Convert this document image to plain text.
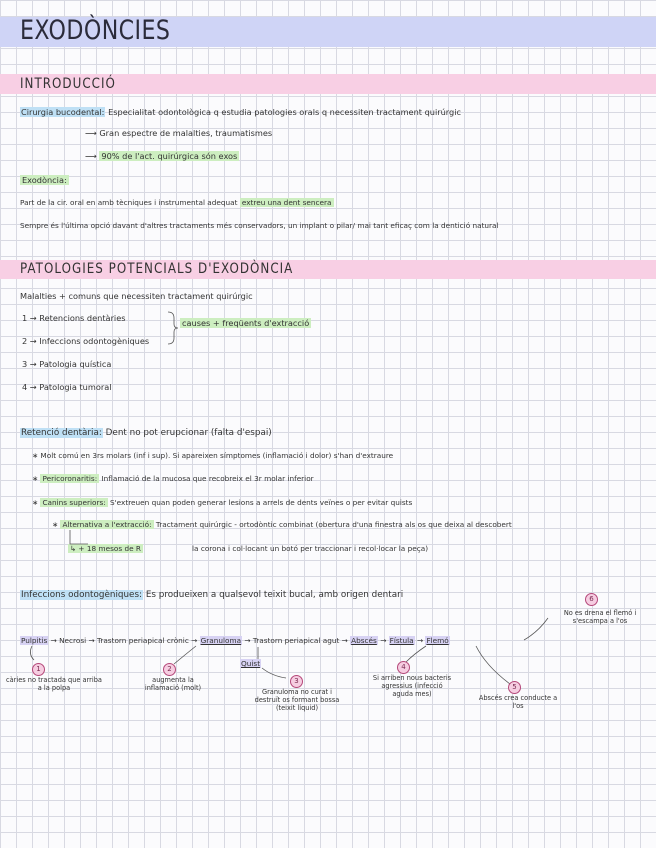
EXODÒNCIES
INTRODUCCIÓ
Cirurgia bucodental: Especialitat odontològica q estudia patologies orals q necessiten tractament quirúrgic
⟶ Gran espectre de malalties, traumatismes
⟶ 90% de l'act. quirúrgica són exos
Exodòncia:
Part de la cir. oral en amb tècniques i instrumental adequat extreu una dent sencera
Sempre és l'última opció davant d'altres tractaments més conservadors, un implant o pilar/ mai tant eficaç com la dentició natural
PATOLOGIES POTENCIALS D'EXODÒNCIA
Malalties + comuns que necessiten tractament quirúrgic
1 → Retencions dentàries
2 → Infeccions odontogèniques
3 → Patologia quística
4 → Patologia tumoral
causes + freqüents d'extracció
Retenció dentària: Dent no pot erupcionar (falta d'espai)
∗ Molt comú en 3rs molars (inf i sup). Si apareixen símptomes (inflamació i dolor) s'han d'extraure
∗ Pericoronaritis: Inflamació de la mucosa que recobreix el 3r molar inferior
∗ Canins superiors: S'extreuen quan poden generar lesions a arrels de dents veïnes o per evitar quists
∗ Alternativa a l'extracció: Tractament quirúrgic - ortodòntic combinat (obertura d'una finestra als os que deixa al descobert
↳ + 18 mesos de R	la corona i col·locant un botó per traccionar i recol·locar la peça)
Infeccions odontogèniques: Es produeixen a qualsevol teixit bucal, amb origen dentari
Pulpitis → Necrosi → Trastorn periapical crònic → Granuloma → Trastorn periapical agut → Abscés → Fístula → Flemó
Quist
1
càries no tractada que arriba a la polpa
2
augmenta la inflamació (molt)
3
Granuloma no curat i destruït os formant bossa (teixit líquid)
4
Si arriben nous bacteris agressius (infecció aguda mes)
5
Abscés crea conducte a l'os
6
No es drena el flemó i s'escampa a l'os
